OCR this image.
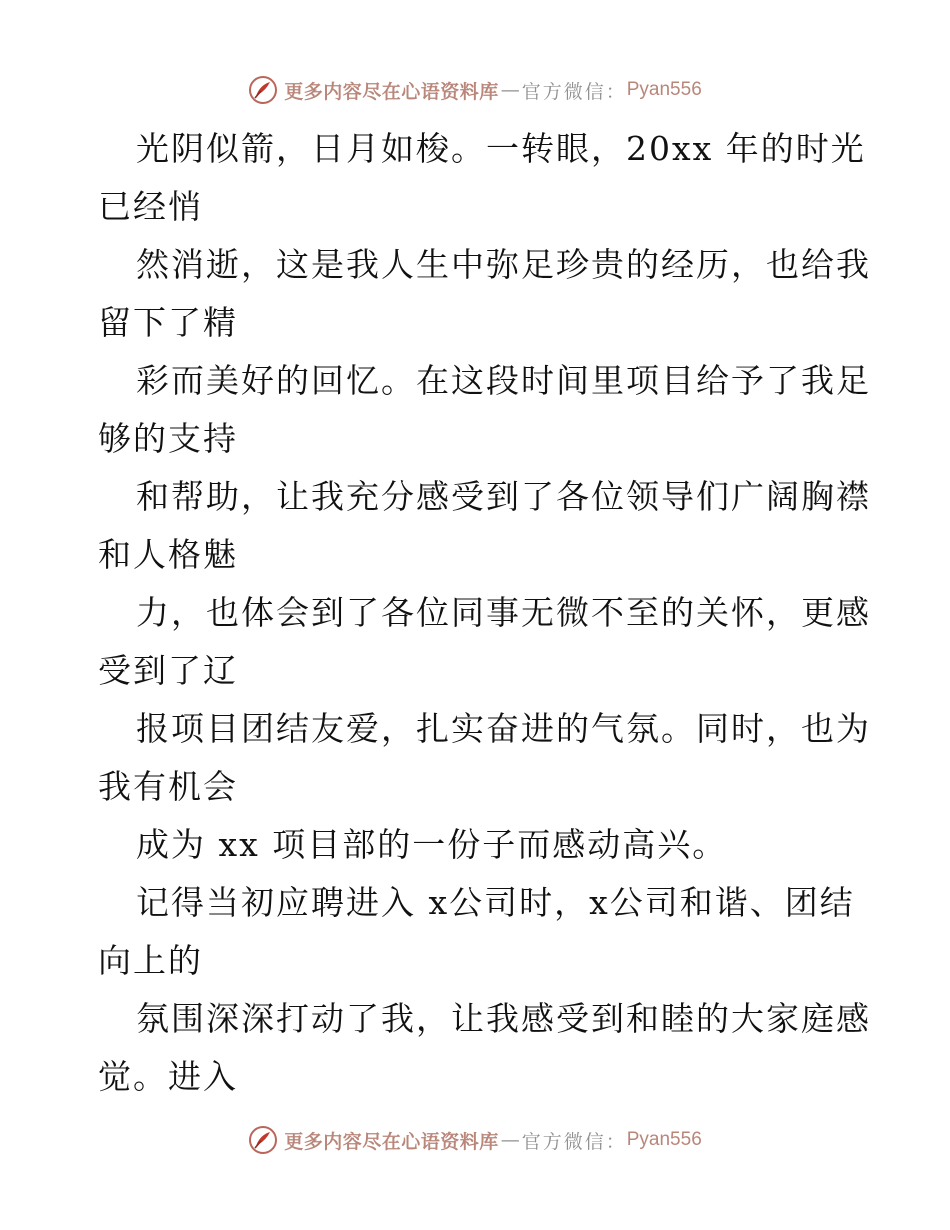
更多内容尽在心语资料库 — 官方微信： Pyan556
光阴似箭，日月如梭。一转眼，20xx 年的时光
已经悄
然消逝，这是我人生中弥足珍贵的经历，也给我
留下了精
彩而美好的回忆。在这段时间里项目给予了我足
够的支持
和帮助，让我充分感受到了各位领导们广阔胸襟
和人格魅
力，也体会到了各位同事无微不至的关怀，更感
受到了辽
报项目团结友爱，扎实奋进的气氛。同时，也为
我有机会
成为 xx 项目部的一份子而感动高兴。
记得当初应聘进入 x公司时，x公司和谐、团结
向上的
氛围深深打动了我，让我感受到和睦的大家庭感
觉。进入
更多内容尽在心语资料库 — 官方微信： Pyan556
